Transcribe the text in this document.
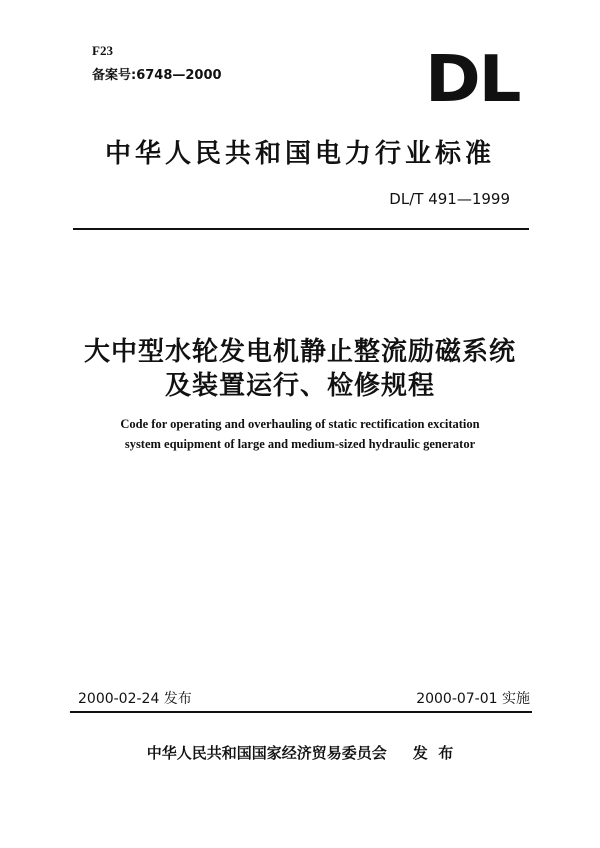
F23
备案号:6748—2000	DL
中华人民共和国电力行业标准
DL/T 491—1999
大中型水轮发电机静止整流励磁系统
及装置运行、检修规程
Code for operating and overhauling of static rectification excitation
system equipment of large and medium-sized hydraulic generator
2000-02-24 发布	2000-07-01 实施
中华人民共和国国家经济贸易委员会 发  布
